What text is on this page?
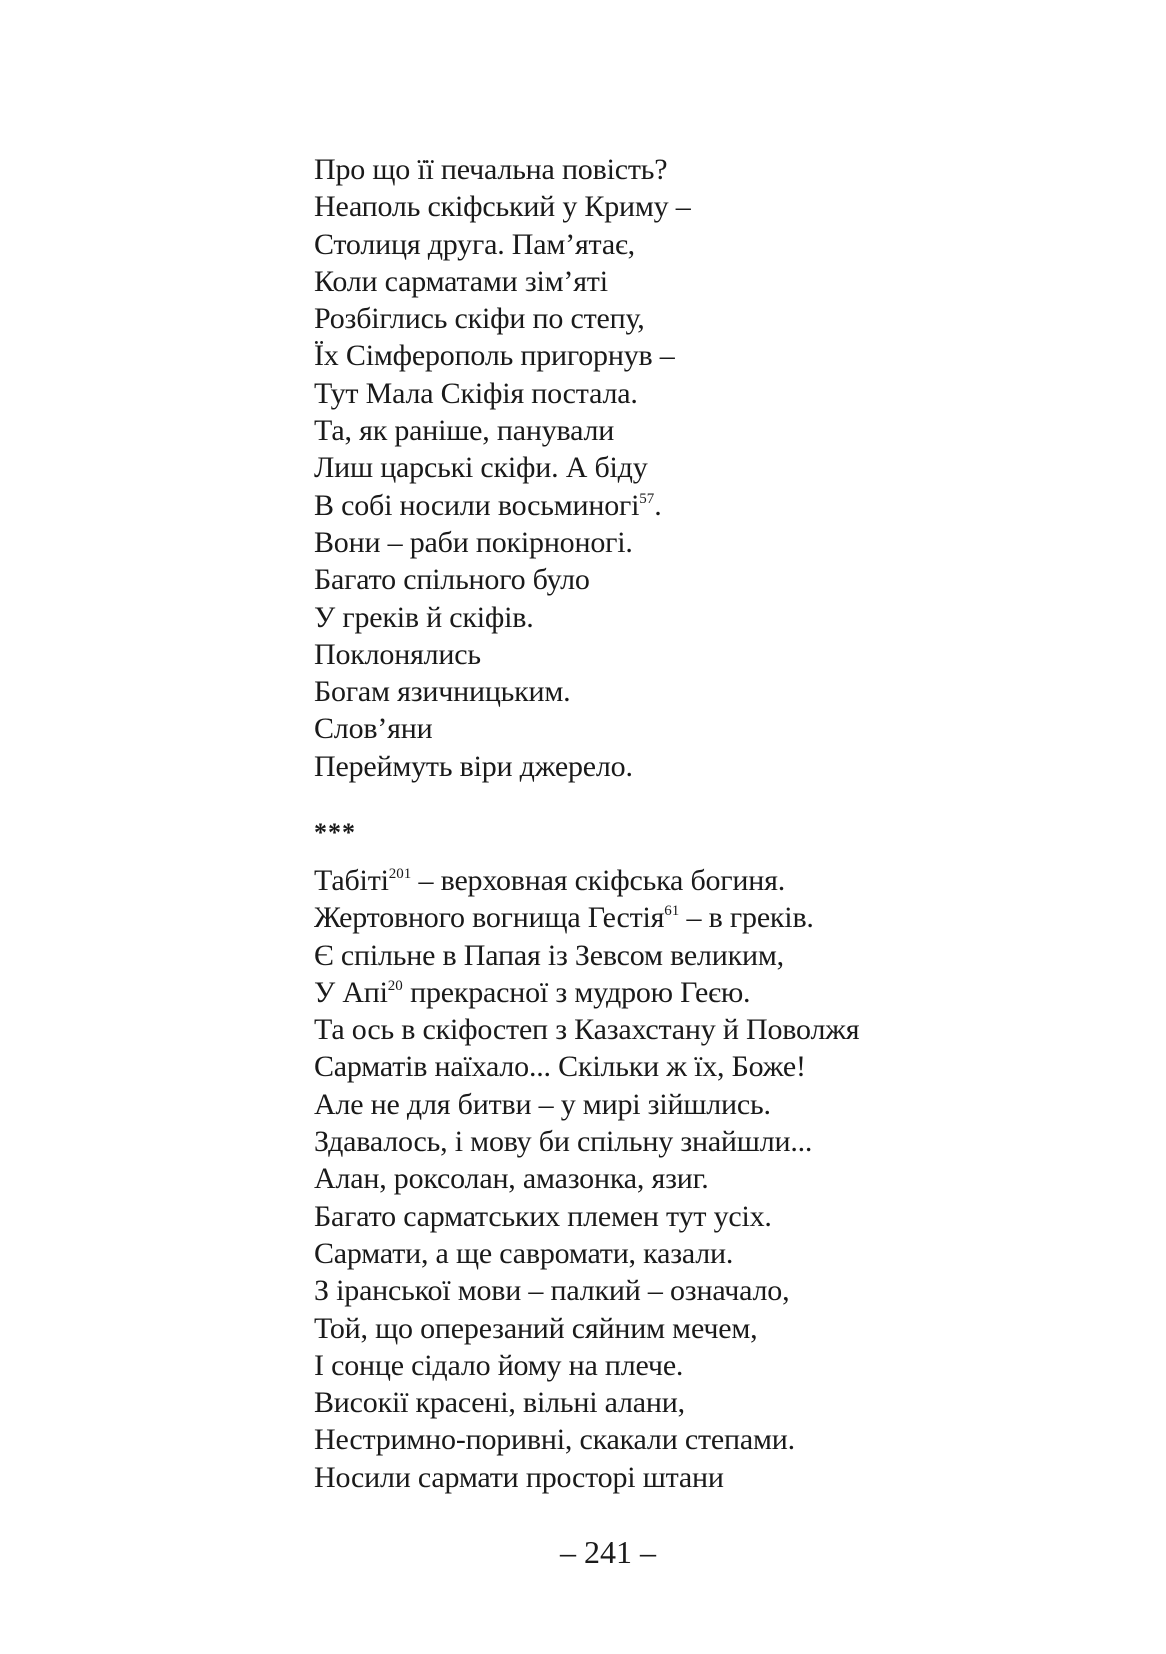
Про що її печальна повість?
Неаполь скіфський у Криму –
Столиця друга. Пам’ятає,
Коли сарматами зім’яті
Розбіглись скіфи по степу,
Їх Сімферополь пригорнув –
Тут Мала Скіфія постала.
Та, як раніше, панували
Лиш царські скіфи. А біду
В собі носили восьминогі$^{57}$.
Вони – раби покірноногі.
Багато спільного було
У греків й скіфів.
Поклонялись
Богам язичницьким.
Слов’яни
Переймуть віри джерело.
***
Табіті$^{201}$ – верховная скіфська богиня.
Жертовного вогнища Гестія$^{61}$ – в греків.
Є спільне в Папая із Зевсом великим,
У Апі$^{20}$ прекрасної з мудрою Геєю.
Та ось в скіфостеп з Казахстану й Поволжя
Сарматів наїхало... Скільки ж їх, Боже!
Але не для битви – у мирі зійшлись.
Здавалось, і мову би спільну знайшли...
Алан, роксолан, амазонка, язиг.
Багато сарматських племен тут усіх.
Сармати, а ще савромати, казали.
З іранської мови – палкий – означало,
Той, що оперезаний сяйним мечем,
І сонце сідало йому на плече.
Високії красені, вільні алани,
Нестримно-поривні, скакали степами.
Носили сармати просторі штани
– 241 –
